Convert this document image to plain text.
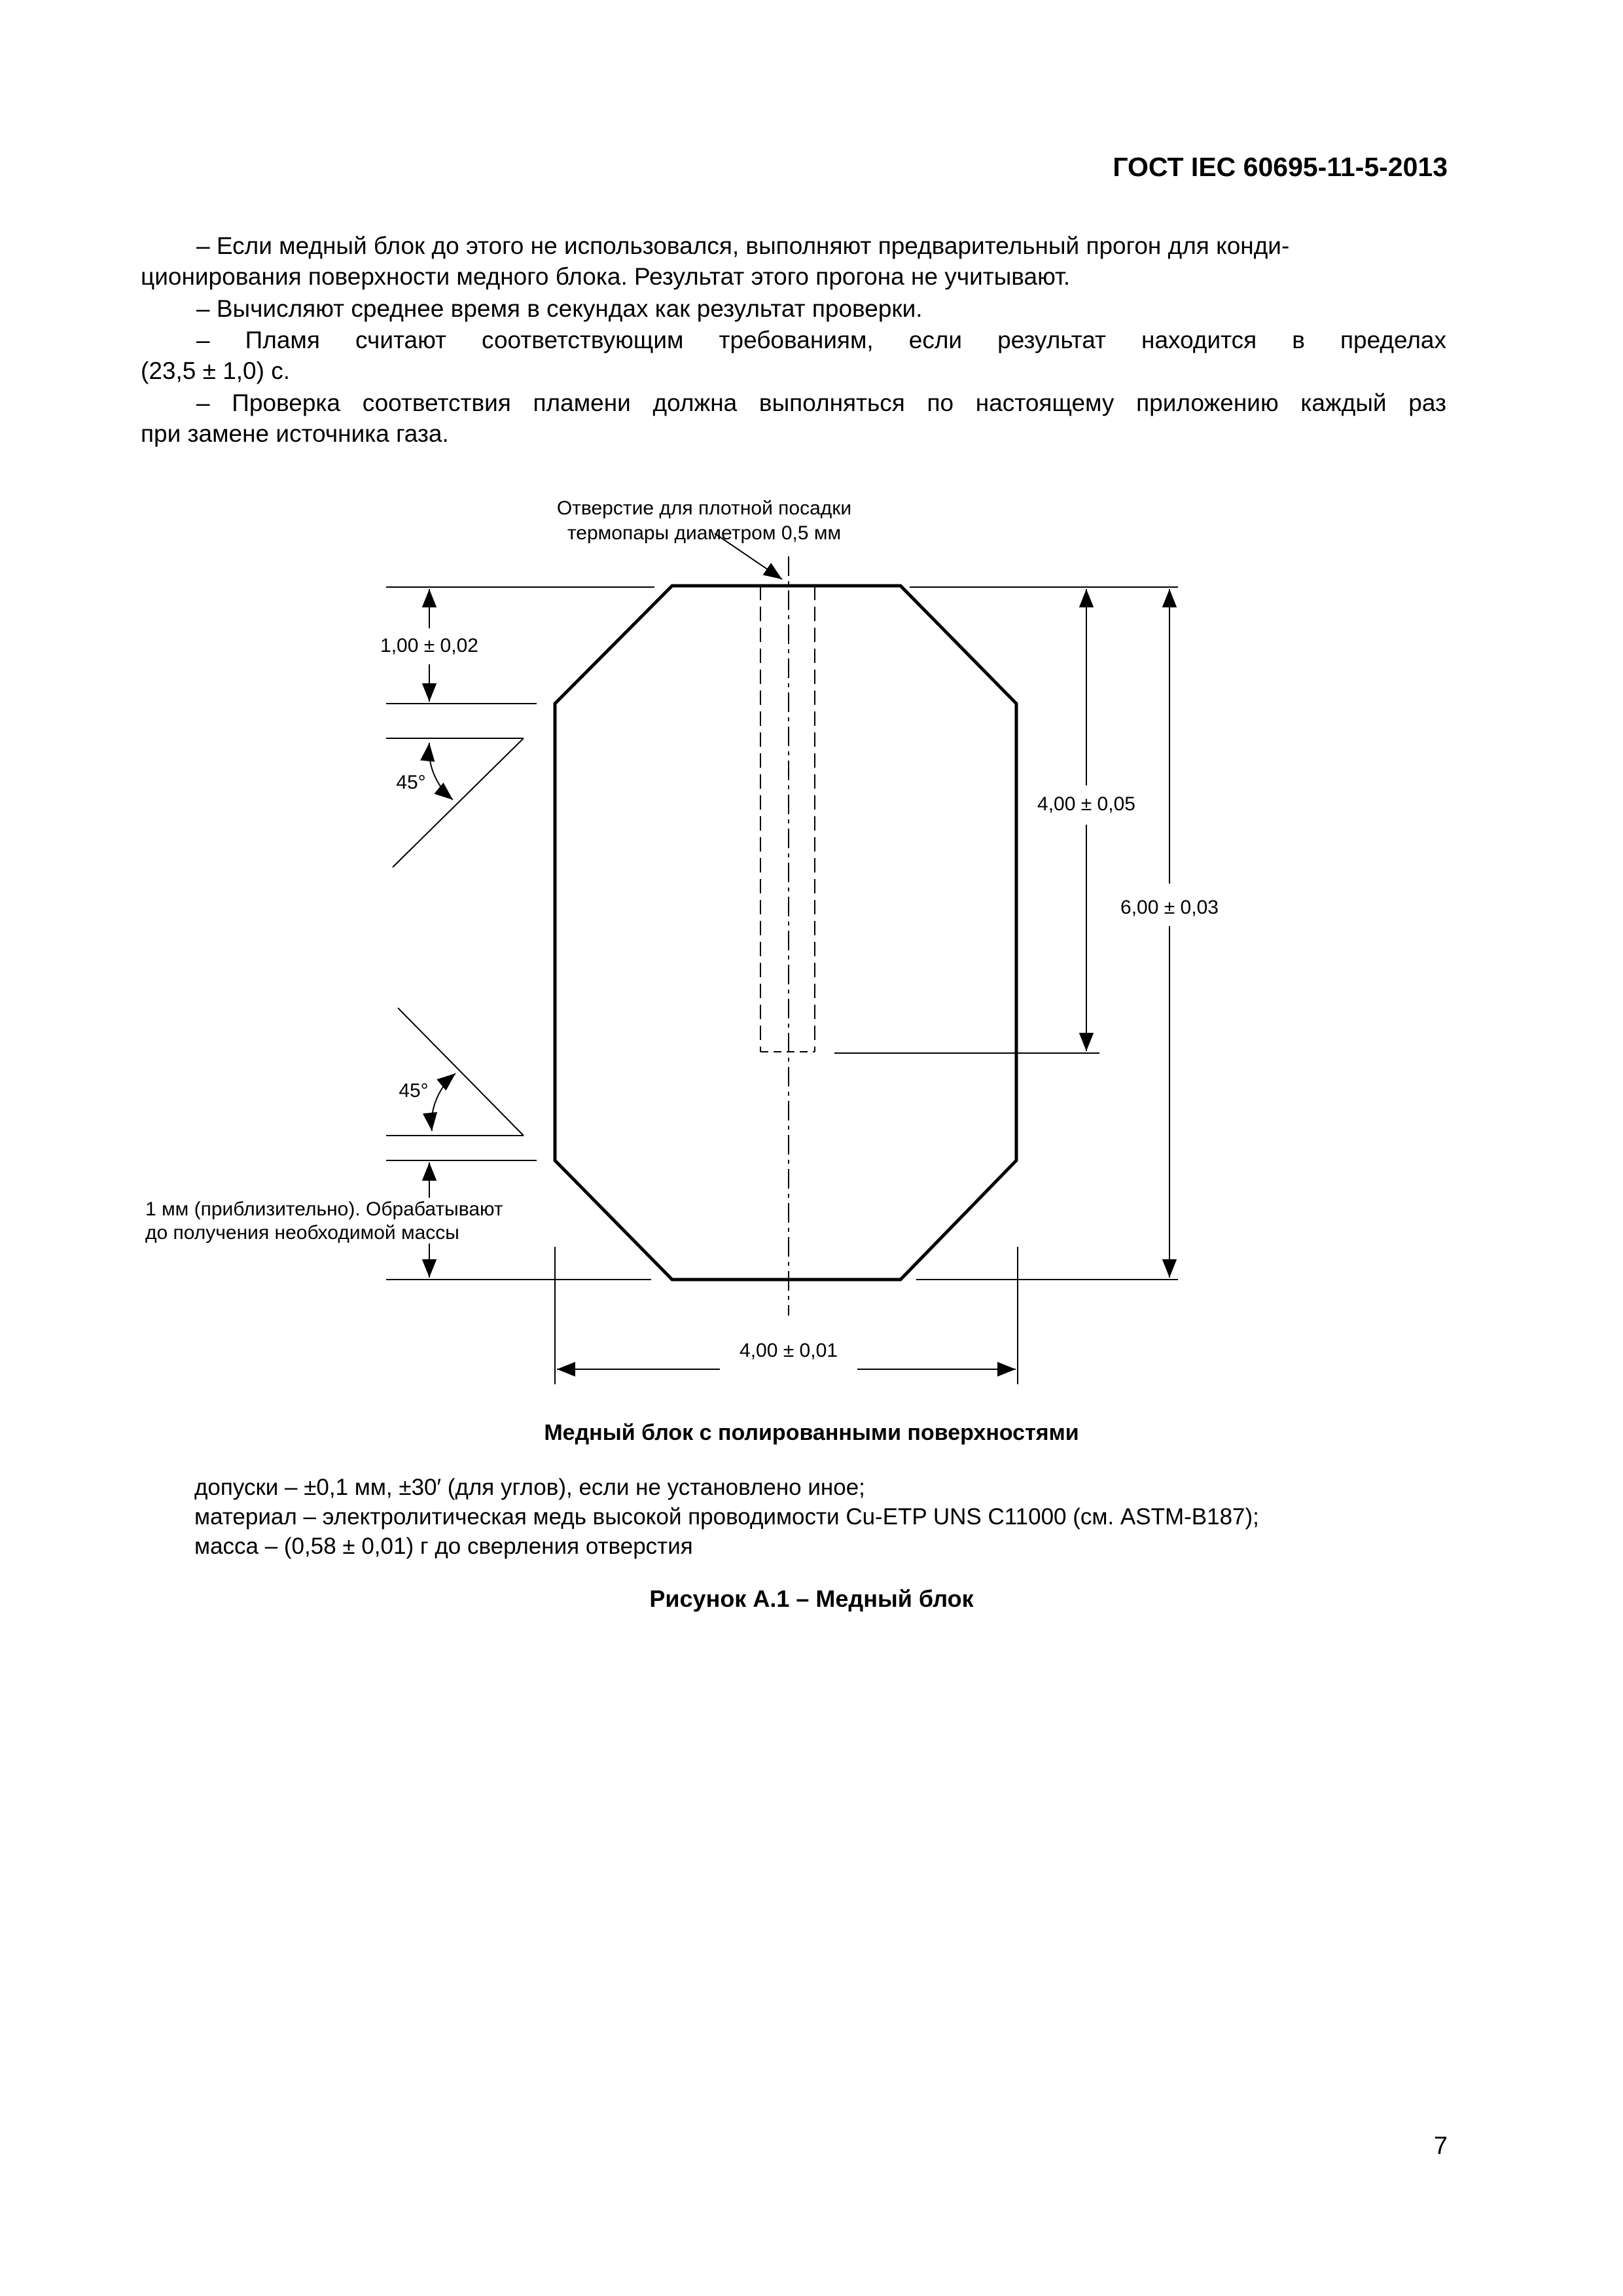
ГОСТ IEC 60695-11-5-2013
– Если медный блок до этого не использовался, выполняют предварительный прогон для конди-
ционирования поверхности медного блока. Результат этого прогона не учитывают.
– Вычисляют среднее время в секундах как результат проверки.
– Пламя считают соответствующим требованиям, если результат находится в пределах
(23,5 ± 1,0) с.
– Проверка соответствия пламени должна выполняться по настоящему приложению каждый раз
при замене источника газа.
Отверстие для плотной посадки
термопары диаметром 0,5 мм
1,00 ± 0,02
45°
45°
1 мм (приблизительно). Обрабатывают
до получения необходимой массы
4,00 ± 0,05
6,00 ± 0,03
4,00 ± 0,01
Медный блок с полированными поверхностями
допуски – ±0,1 мм, ±30′ (для углов), если не установлено иное;
материал – электролитическая медь высокой проводимости Cu-ETP UNS C11000 (см. ASTM-B187);
масса – (0,58 ± 0,01) г до сверления отверстия
Рисунок А.1 – Медный блок
7
